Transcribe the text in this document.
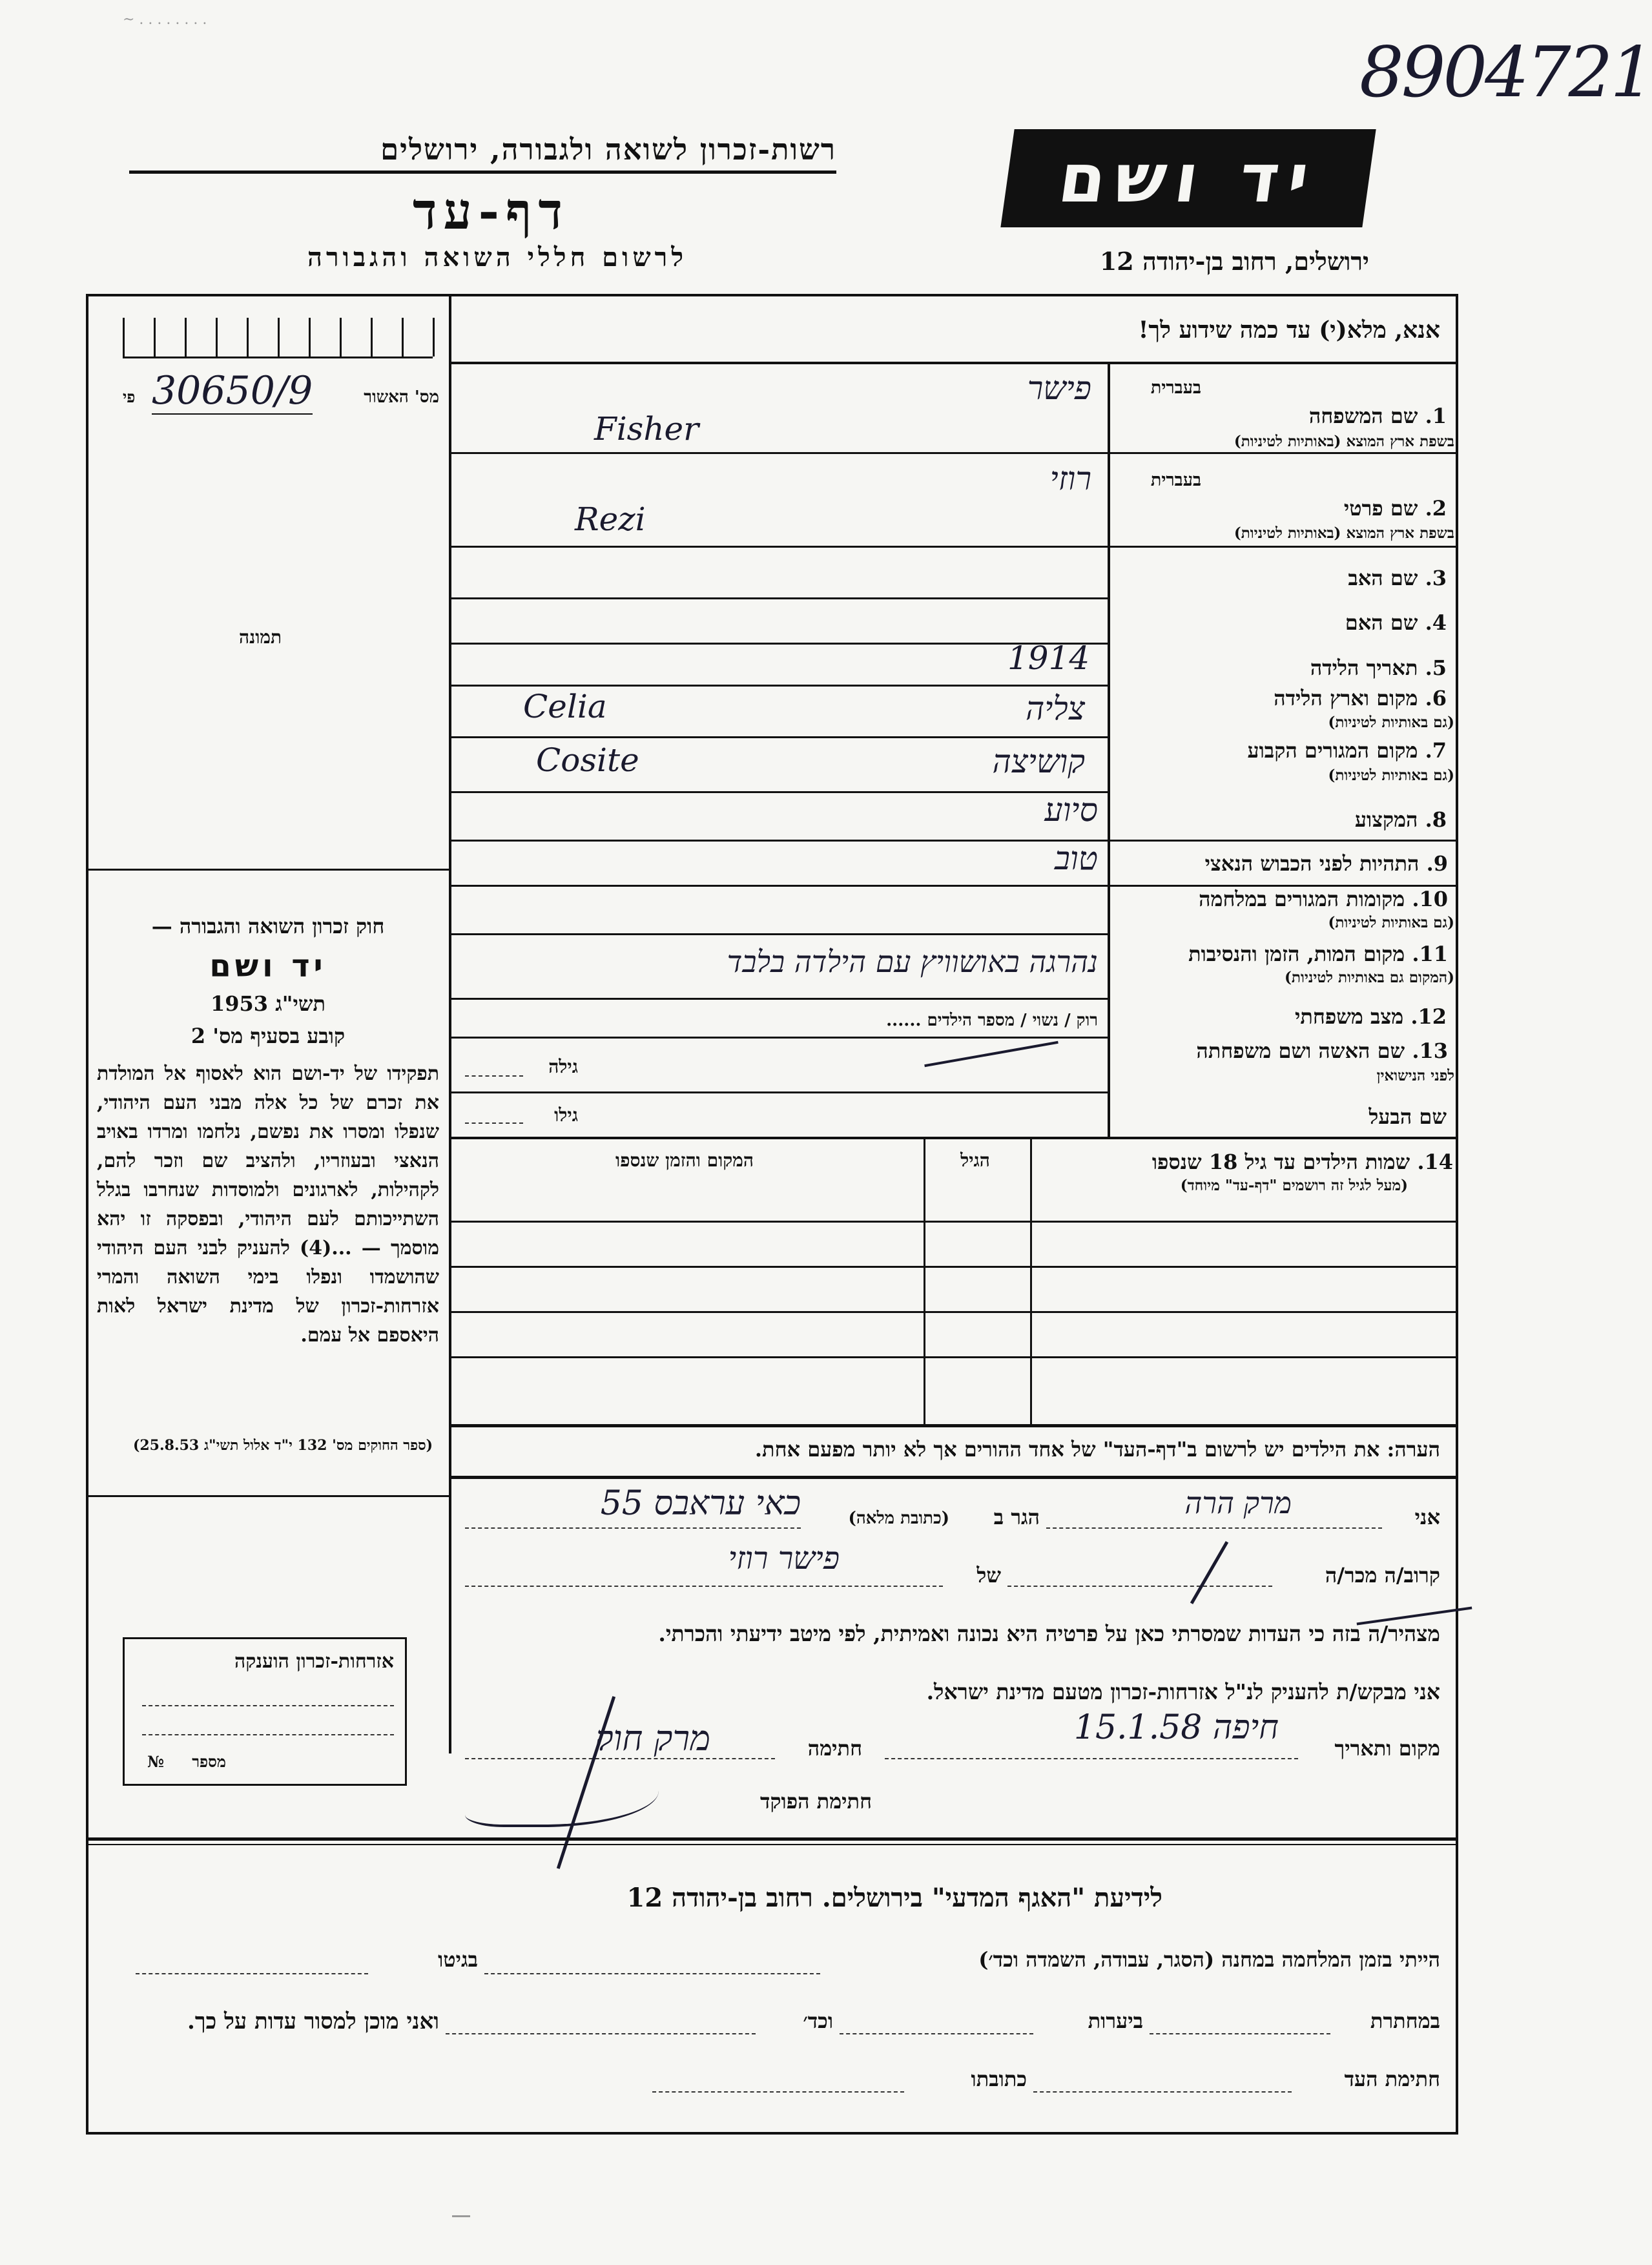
~ . . . . . . . .
8904721
רשות-זכרון לשואה ולגבורה, ירושלים
דף-עד
לרשום חללי השואה והגבורה
יד ושם
ירושלים, רחוב בן-יהודה 12
אנא, מלא(י) עד כמה שידוע לך!
מס' האשור
30650/9
פי
תמונה
בעברית
1. שם המשפחה
בשפת ארץ המוצא (באותיות לטיניות)
פישר
Fisher
בעברית
2. שם פרטי
בשפת ארץ המוצא (באותיות לטיניות)
רוזי
Rezi
3. שם האב
4. שם האם
5. תאריך הלידה
1914
6. מקום וארץ הלידה
(גם באותיות לטיניות)
צליה
Celia
7. מקום המגורים הקבוע
(גם באותיות לטיניות)
קושיצה
Cosite
8. המקצוע
סיוע
9. התהיות לפני הכבוש הנאצי
טוב
10. מקומות המגורים במלחמה
(גם באותיות לטיניות)
11. מקום המות, הזמן והנסיבות
(המקום גם באותיות לטיניות)
נהרגה באושוויץ עם הילדה בלבד
12. מצב משפחתי
רוק / נשוי / מספר הילדים ......
13. שם האשה ושם משפחתה
לפני הנישואין
גילה
שם הבעל
גילו
14. שמות הילדים עד גיל 18 שנספו
(מעל לגיל זה רושמים "דף-עד" מיוחד)
הגיל
המקום והזמן שנספו
הערה: את הילדים יש לרשום ב"דף-העד" של אחד ההורים אך לא יותר מפעם אחת.
חוק זכרון השואה והגבורה —
יד ושם
תשי"ג 1953
קובע בסעיף מס' 2
תפקידו של יד-ושם הוא לאסוף אל המולדת את זכרם של כל אלה מבני העם היהודי, שנפלו ומסרו את נפשם, נלחמו ומרדו באויב הנאצי ובעוזריו, ולהציב שם וזכר להם, לקהילות, לארגונים ולמוסדות שנחרבו בגלל השתייכותם לעם היהודי, ובפסקה זו יהא מוסמך — ...(4) להעניק לבני העם היהודי שהושמדו ונפלו בימי השואה והמרי אזרחות-זכרון של מדינת ישראל לאות היאספם אל עמם.
(ספר החוקים מס' 132 י"ד אלול תשי"ג 25.8.53)
אני
מרק הרה
הגר ב
(כתובת מלאה)
כאי עראבס 55
קרוב/ה מכר/ה
של
פישר רוזי
מצהיר/ה בזה כי העדות שמסרתי כאן על פרטיה היא נכונה ואמיתית, לפי מיטב ידיעתי והכרתי.
אזרחות-זכרון הוענקה
מספר
№
אני מבקש/ת להעניק לנ"ל אזרחות-זכרון מטעם מדינת ישראל.
מקום ותאריך
חיפה 15.1.58
חתימה
מרק חוק
חתימת הפוקד
לידיעת "האגף המדעי" בירושלים. רחוב בן-יהודה 12
הייתי בזמן המלחמה במחנה (הסגר, עבודה, השמדה וכד׳)
בגיטו
במחתרת
ביערות
וכד׳
ואני מוכן למסור עדות על כך.
חתימת העד
כתובתו
